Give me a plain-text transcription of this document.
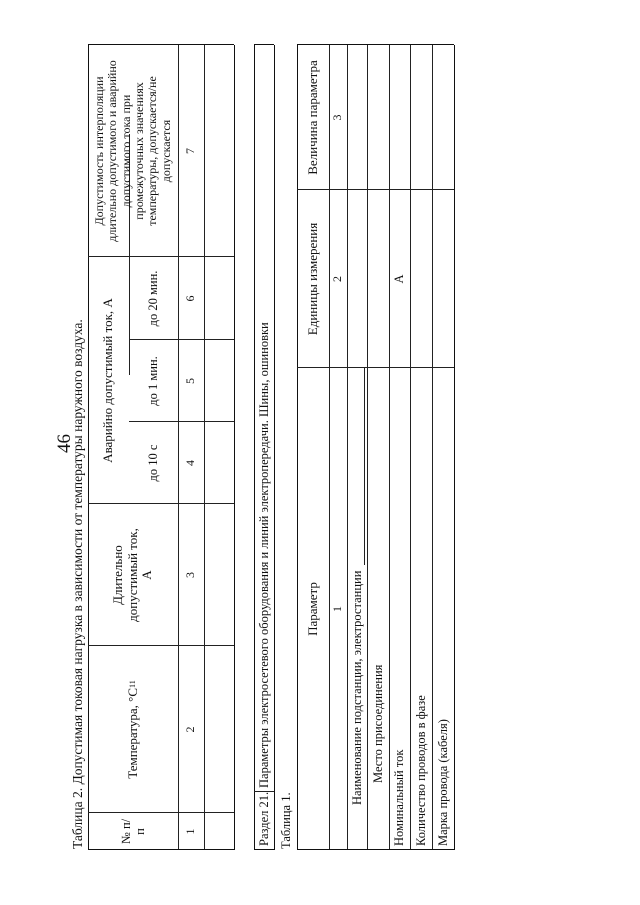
46
Таблица 2. Допустимая токовая нагрузка в зависимости от температуры наружного воздуха.	№ п/п
Температура, °С
11
Длительно допустимый ток, А
Аварийно допустимый ток, А
до 10 с
до 1 мин.
до 20 мин.
Допустимость интерполяции длительно допустимого и аварийно допустимого тока при промежуточных значениях температуры, допускается/не допускается
1
2
3
4
5
6
7
Раздел 21.
Параметры электросетевого оборудования и линий электропередачи. Шины, ошиновки
Таблица 1.
Параметр
Единицы измерения
Величина параметра
1
2
3
Наименование подстанции, электростанции Место присоединения
Номинальный ток
А
Количество проводов в фазе Марка провода (кабеля)
